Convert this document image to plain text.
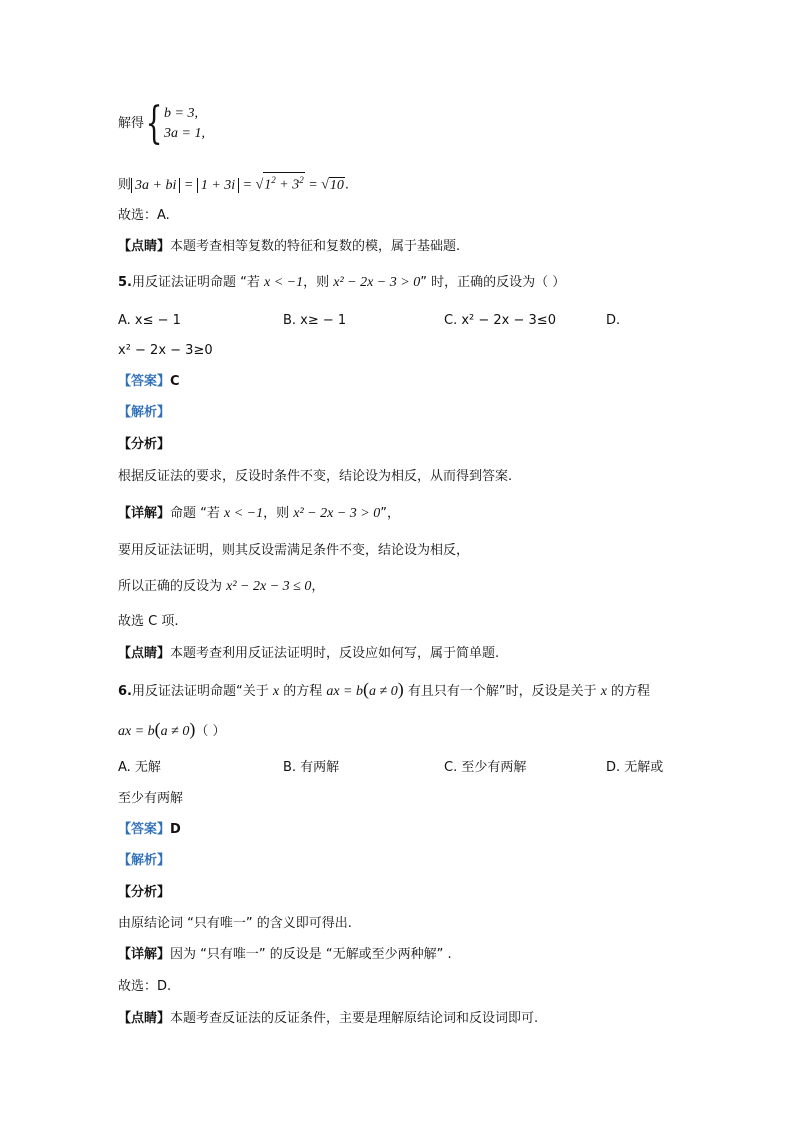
解得{ b = 3,
3a = 1,
则 3a + bi = $1 + 3i = √1^2 + 3^2 = √10$.
故选：A.
【点睛】本题考查相等复数的特征和复数的模，属于基础题.
5.用反证法证明命题 “若 x < −1，则 x² − 2x − 3 > 0” 时，正确的反设为（ ）
A. x≤ − 1	B. x≥ − 1	C. x² − 2x − 3≤0	D.
x² − 2x − 3≥0
【答案】C
【解析】
【分析】
根据反证法的要求，反设时条件不变，结论设为相反，从而得到答案.
【详解】命题 “若 x < −1，则 x² − 2x − 3 > 0”，
要用反证法证明，则其反设需满足条件不变，结论设为相反，
所以正确的反设为 x² − 2x − 3 ≤ 0，
故选 C 项.
【点睛】本题考查利用反证法证明时，反设应如何写，属于简单题.
6.用反证法证明命题“关于 x 的方程 ax = b(a ≠ 0) 有且只有一个解”时，反设是关于 x 的方程
ax = b(a ≠ 0)（ ）
A. 无解	B. 有两解	C. 至少有两解	D. 无解或
至少有两解
【答案】D
【解析】
【分析】
由原结论词 “只有唯一” 的含义即可得出.
【详解】因为 “只有唯一” 的反设是 “无解或至少两种解” .
故选：D.
【点睛】本题考查反证法的反证条件，主要是理解原结论词和反设词即可.
